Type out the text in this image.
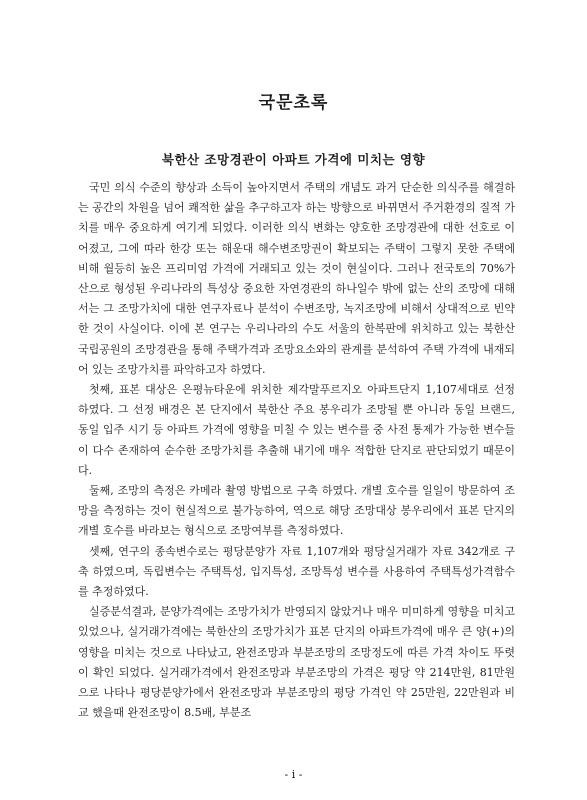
국문초록
북한산 조망경관이 아파트 가격에 미치는 영향

국민 의식 수준의 향상과 소득이 높아지면서 주택의 개념도 과거 단순한 의식주를 해결하는 공간의 차원을 넘어 쾌적한 삶을 추구하고자 하는 방향으로 바뀌면서 주거환경의 질적 가치를 매우 중요하게 여기게 되었다. 이러한 의식 변화는 양호한 조망경관에 대한 선호로 이어졌고, 그에 따라 한강 또는 해운대 해수변조망권이 확보되는 주택이 그렇지 못한 주택에 비해 월등히 높은 프리미엄 가격에 거래되고 있는 것이 현실이다. 그러나 전국토의 70%가 산으로 형성된 우리나라의 특성상 중요한 자연경관의 하나일수 밖에 없는 산의 조망에 대해서는 그 조망가치에 대한 연구자료나 분석이 수변조망, 녹지조망에 비해서 상대적으로 빈약한 것이 사실이다. 이에 본 연구는 우리나라의 수도 서울의 한복판에 위치하고 있는 북한산국립공원의 조망경관을 통해 주택가격과 조망요소와의 관계를 분석하여 주택 가격에 내재되어 있는 조망가치를 파악하고자 하였다.

첫째, 표본 대상은 은평뉴타운에 위치한 제각말푸르지오 아파트단지 1,107세대로 선정 하였다. 그 선정 배경은 본 단지에서 북한산 주요 봉우리가 조망될 뿐 아니라 동일 브랜드, 동일 입주 시기 등 아파트 가격에 영향을 미칠 수 있는 변수를 중 사전 통제가 가능한 변수들이 다수 존재하여 순수한 조망가치를 추출해 내기에 매우 적합한 단지로 판단되었기 때문이다.

둘째, 조망의 측정은 카메라 촬영 방법으로 구축 하였다. 개별 호수를 일일이 방문하여 조망을 측정하는 것이 현실적으로 불가능하여, 역으로 해당 조망대상 봉우리에서 표본 단지의 개별 호수를 바라보는 형식으로 조망여부를 측정하였다.

셋째, 연구의 종속변수로는 평당분양가 자료 1,107개와 평당실거래가 자료 342개로 구축 하였으며, 독립변수는 주택특성, 입지특성, 조망특성 변수를 사용하여 주택특성가격함수를 추정하였다.

실증분석결과, 분양가격에는 조망가치가 반영되지 않았거나 매우 미미하게 영향을 미치고 있었으나, 실거래가격에는 북한산의 조망가치가 표본 단지의 아파트가격에 매우 큰 양(+)의 영향을 미치는 것으로 나타났고, 완전조망과 부분조망의 조망정도에 따른 가격 차이도 뚜렷이 확인 되었다. 실거래가격에서 완전조망과 부분조망의 가격은 평당 약 214만원, 81만원으로 나타나 평당분양가에서 완전조망과 부분조망의 평당 가격인 약 25만원, 22만원과 비교 했을때 완전조망이 8.5배, 부분조

- i -
